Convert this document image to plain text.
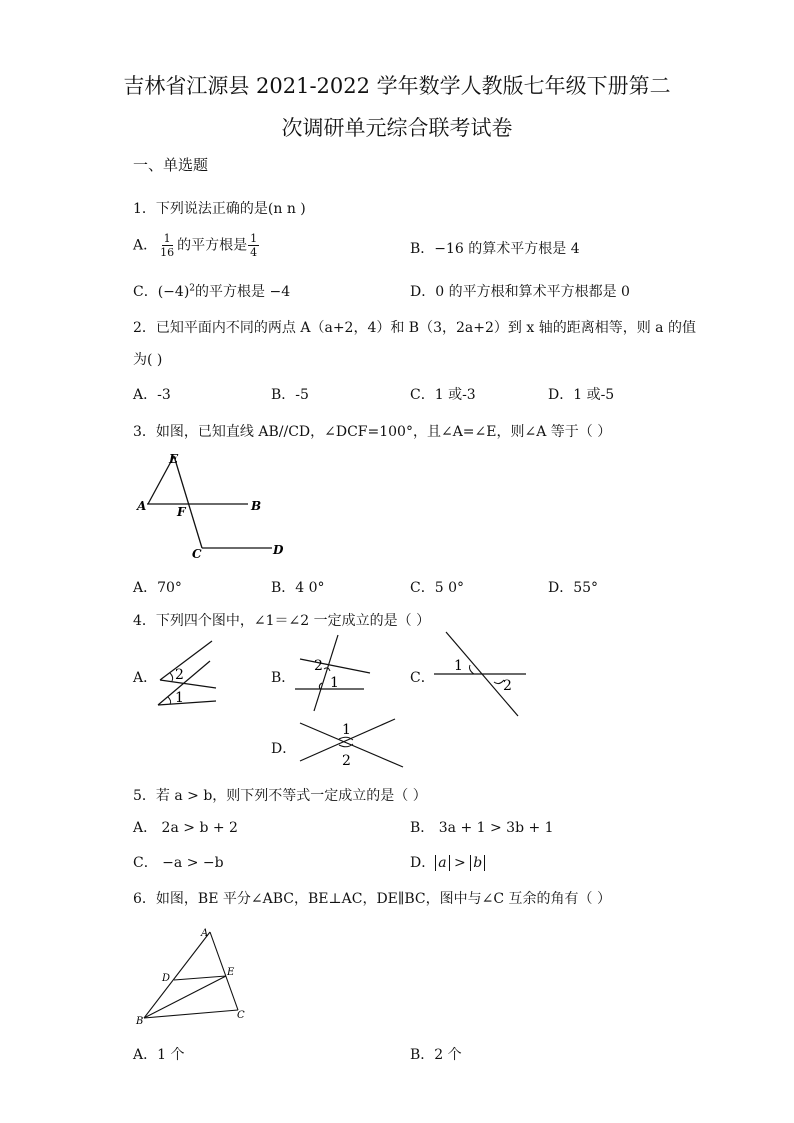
吉林省江源县 2021-2022 学年数学人教版七年级下册第二
次调研单元综合联考试卷
一、单选题
1．下列说法正确的是(n n )
A． $\frac{1}{16}$ 的平方根是 $\frac{1}{4}$	B．−16 的算术平方根是 4
C．$(-4)^2$的平方根是 −4	D．0 的平方根和算术平方根都是 0
2．已知平面内不同的两点 A（a+2，4）和 B（3，2a+2）到 x 轴的距离相等，则 a 的值
为( )
A．-3	B．-5	C．1 或-3	D．1 或-5
3．如图，已知直线 AB//CD，∠DCF=100°，且∠A=∠E，则∠A 等于（ ）
E
A	F	B
C	D
A．70°	B．4 0°	C．5 0°	D．55°
4．下列四个图中，∠1＝∠2 一定成立的是（ ）
A． 2
1
B．
2
1	C．
1
2
D．
1
2
5．若 a > b，则下列不等式一定成立的是（ ）
A． 2a > b + 2	B． 3a + 1 > 3b + 1
C． −a > −b	D． a > b
6．如图，BE 平分∠ABC，BE⊥AC，DE∥BC，图中与∠C 互余的角有（ ）
A
D
E
B
C
A．1 个	B．2 个
